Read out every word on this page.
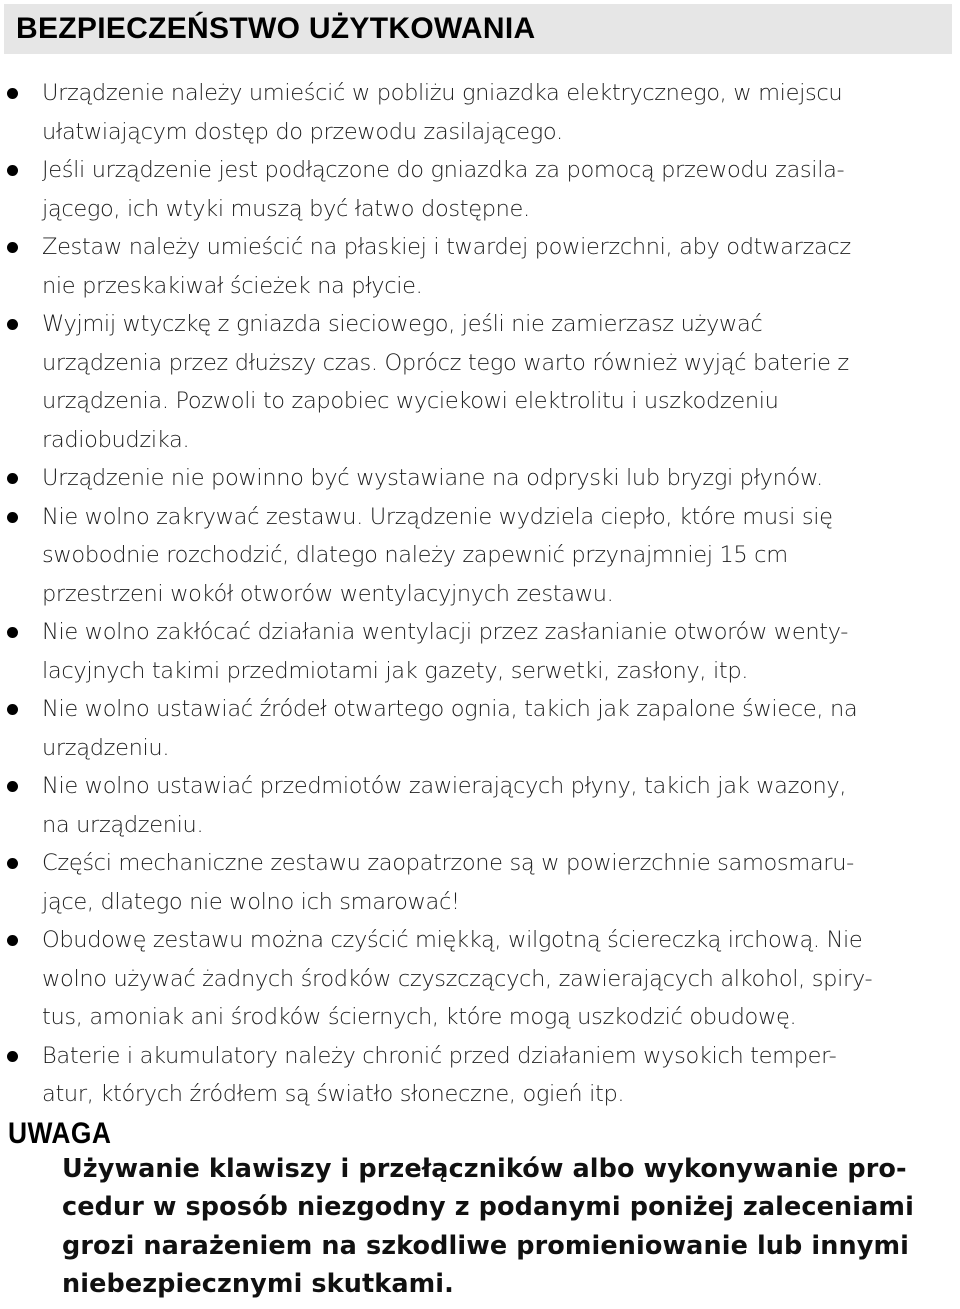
BEZPIECZEŃSTWO UŻYTKOWANIA
Urządzenie należy umieścić w pobliżu gniazdka elektrycznego, w miejscu
ułatwiającym dostęp do przewodu zasilającego.
Jeśli urządzenie jest podłączone do gniazdka za pomocą przewodu zasila-
jącego, ich wtyki muszą być łatwo dostępne.
Zestaw należy umieścić na płaskiej i twardej powierzchni, aby odtwarzacz
nie przeskakiwał ścieżek na płycie.
Wyjmij wtyczkę z gniazda sieciowego, jeśli nie zamierzasz używać
urządzenia przez dłuższy czas. Oprócz tego warto również wyjąć baterie z
urządzenia. Pozwoli to zapobiec wyciekowi elektrolitu i uszkodzeniu
radiobudzika.
Urządzenie nie powinno być wystawiane na odpryski lub bryzgi płynów.
Nie wolno zakrywać zestawu. Urządzenie wydziela ciepło, które musi się
swobodnie rozchodzić, dlatego należy zapewnić przynajmniej 15 cm
przestrzeni wokół otworów wentylacyjnych zestawu.
Nie wolno zakłócać działania wentylacji przez zasłanianie otworów wenty-
lacyjnych takimi przedmiotami jak gazety, serwetki, zasłony, itp.
Nie wolno ustawiać źródeł otwartego ognia, takich jak zapalone świece, na
urządzeniu.
Nie wolno ustawiać przedmiotów zawierających płyny, takich jak wazony,
na urządzeniu.
Części mechaniczne zestawu zaopatrzone są w powierzchnie samosmaru-
jące, dlatego nie wolno ich smarować!
Obudowę zestawu można czyścić miękką, wilgotną ściereczką irchową. Nie
wolno używać żadnych środków czyszczących, zawierających alkohol, spiry-
tus, amoniak ani środków ściernych, które mogą uszkodzić obudowę.
Baterie i akumulatory należy chronić przed działaniem wysokich temper-
atur, których źródłem są światło słoneczne, ogień itp.
UWAGA
Używanie klawiszy i przełączników albo wykonywanie pro-
cedur w sposób niezgodny z podanymi poniżej zaleceniami
grozi narażeniem na szkodliwe promieniowanie lub innymi
niebezpiecznymi skutkami.
